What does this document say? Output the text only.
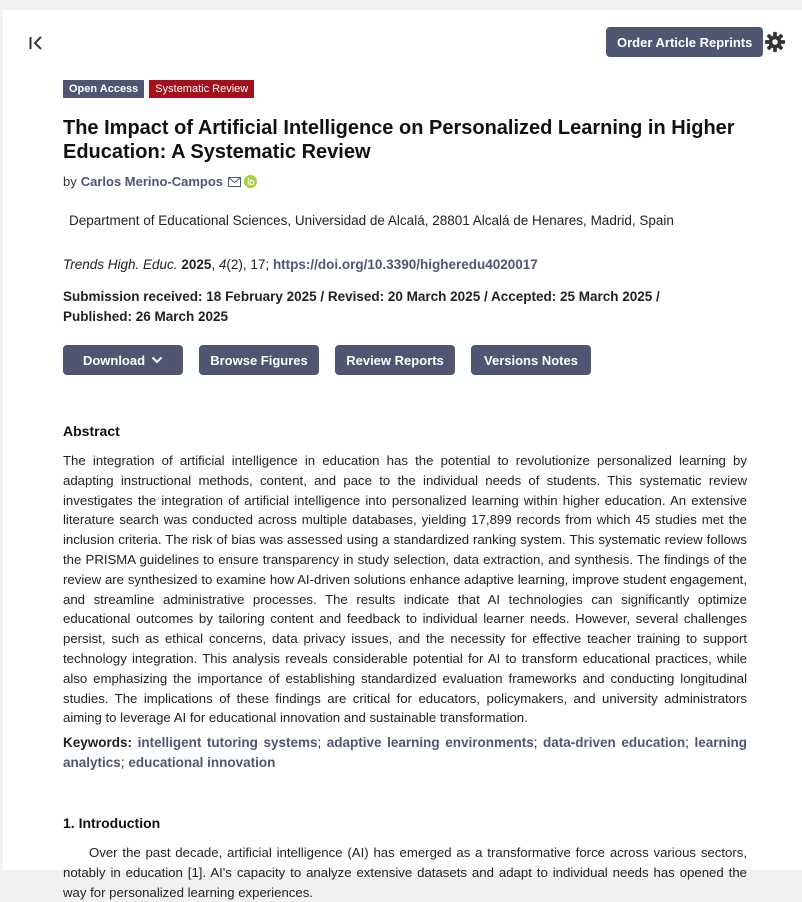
Order Article Reprints
Open Access	Systematic Review
The Impact of Artificial Intelligence on Personalized Learning in Higher Education: A Systematic Review
by Carlos Merino-Campos
Department of Educational Sciences, Universidad de Alcalá, 28801 Alcalá de Henares, Madrid, Spain
Trends High. Educ. 2025, 4(2), 17; https://doi.org/10.3390/higheredu4020017
Submission received: 18 February 2025 / Revised: 20 March 2025 / Accepted: 25 March 2025 / Published: 26 March 2025
Download	Browse Figures	Review Reports	Versions Notes
Abstract

The integration of artificial intelligence in education has the potential to revolutionize personalized learning by adapting instructional methods, content, and pace to the individual needs of students. This systematic review investigates the integration of artificial intelligence into personalized learning within higher education. An extensive literature search was conducted across multiple databases, yielding 17,899 records from which 45 studies met the inclusion criteria. The risk of bias was assessed using a standardized ranking system. This systematic review follows the PRISMA guidelines to ensure transparency in study selection, data extraction, and synthesis. The findings of the review are synthesized to examine how AI-driven solutions enhance adaptive learning, improve student engagement, and streamline administrative processes. The results indicate that AI technologies can significantly optimize educational outcomes by tailoring content and feedback to individual learner needs. However, several challenges persist, such as ethical concerns, data privacy issues, and the necessity for effective teacher training to support technology integration. This analysis reveals considerable potential for AI to transform educational practices, while also emphasizing the importance of establishing standardized evaluation frameworks and conducting longitudinal studies. The implications of these findings are critical for educators, policymakers, and university administrators aiming to leverage AI for educational innovation and sustainable transformation.

Keywords: intelligent tutoring systems; adaptive learning environments; data-driven education; learning analytics; educational innovation
1. Introduction

Over the past decade, artificial intelligence (AI) has emerged as a transformative force across various sectors, notably in education [1]. AI's capacity to analyze extensive datasets and adapt to individual needs has opened the way for personalized learning experiences.
